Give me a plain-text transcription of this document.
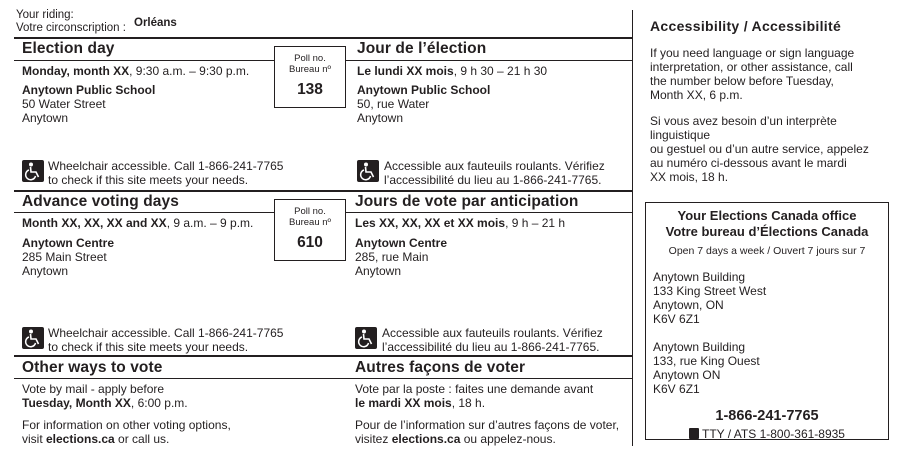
Your riding:
Votre circonscription : Orléans
Election day	Jour de l’élection
Monday, month XX, 9:30 a.m. – 9:30 p.m.
Anytown Public School
50 Water Street
Anytown
Le lundi XX mois, 9 h 30 – 21 h 30
Anytown Public School
50, rue Water
Anytown
Poll no.
Bureau nº
138
Wheelchair accessible. Call 1-866-241-7765
to check if this site meets your needs.
Accessible aux fauteuils roulants. Vérifiez
l’accessibilité du lieu au 1-866-241-7765.
Advance voting days	Jours de vote par anticipation
Month XX, XX, XX and XX, 9 a.m. – 9 p.m.
Anytown Centre
285 Main Street
Anytown
Les XX, XX, XX et XX mois, 9 h – 21 h
Anytown Centre
285, rue Main
Anytown
Poll no.
Bureau nº
610
Wheelchair accessible. Call 1-866-241-7765
to check if this site meets your needs.
Accessible aux fauteuils roulants. Vérifiez
l’accessibilité du lieu au 1-866-241-7765.
Other ways to vote	Autres façons de voter
Vote by mail - apply before
Tuesday, Month XX, 6:00 p.m.
For information on other voting options,
visit elections.ca or call us.
Vote par la poste : faites une demande avant
le mardi XX mois, 18 h.
Pour de l’information sur d’autres façons de voter,
visitez elections.ca ou appelez-nous.
Accessibility / Accessibilité
If you need language or sign language
interpretation, or other assistance, call
the number below before Tuesday,
Month XX, 6 p.m.
Si vous avez besoin d’un interprète linguistique
ou gestuel ou d’un autre service, appelez
au numéro ci-dessous avant le mardi
XX mois, 18 h.
Your Elections Canada office
Votre bureau d’Élections Canada
Open 7 days a week / Ouvert 7 jours sur 7
Anytown Building
133 King Street West
Anytown, ON
K6V 6Z1
Anytown Building
133, rue King Ouest
Anytown ON
K6V 6Z1
1-866-241-7765
TTY / ATS 1-800-361-8935
